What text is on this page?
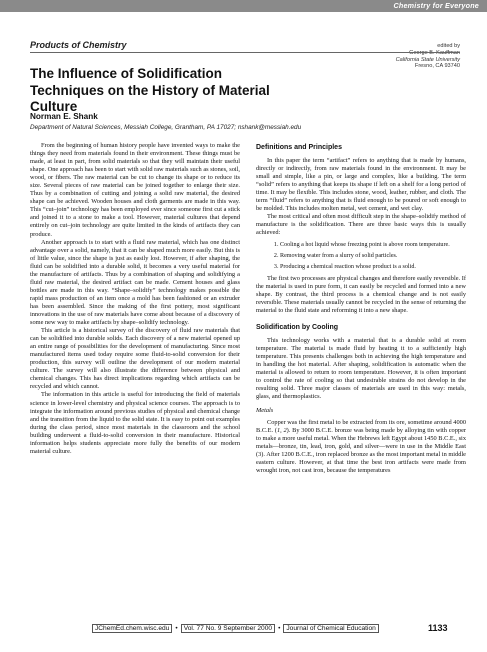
Chemistry for Everyone
Products of Chemistry	edited by
George B. Kauffman
California State University
Fresno, CA 93740
The Influence of Solidification Techniques on the History of Material Culture
Norman E. Shank
Department of Natural Sciences, Messiah College, Grantham, PA 17027; nshank@messiah.edu

From the beginning of human history people have invented ways to make the things they need from materials found in their environment. These things must be made, at least in part, from solid materials so that they will maintain their useful shape. One approach has been to start with solid raw materials such as stones, soil, wood, or fibers. The raw material can be cut to change its shape or to reduce its size. Several pieces of raw material can be joined together to enlarge their size. Thus by a combination of cutting and joining a solid raw material, the desired shape can be achieved. Wooden houses and cloth garments are made in this way. This “cut–join” technology has been employed ever since someone first cut a stick and joined it to a stone to make a tool. However, material cultures that depend entirely on cut–join technology are quite limited in the kinds of artifacts they can produce.

Another approach is to start with a fluid raw material, which has one distinct advantage over a solid, namely, that it can be shaped much more easily. But this is of little value, since the shape is just as easily lost. However, if after shaping, the fluid can be solidified into a durable solid, it becomes a very useful material for the manufacture of artifacts. Thus by a combination of shaping and solidifying a fluid raw material, the desired artifact can be made. Cement houses and glass bottles are made in this way. “Shape–solidify” technology makes possible the rapid mass production of an item once a mold has been fashioned or an extruder has been assembled. Since the making of the first pottery, most significant innovations in the use of raw materials have come about because of a discovery of some new way to make artifacts by shape–solidify technology.

This article is a historical survey of the discovery of fluid raw materials that can be solidified into durable solids. Each discovery of a new material opened up an entire range of possibilities for the development of manufacturing. Since most manufactured items used today require some fluid-to-solid conversion for their production, this survey will outline the development of our modern material culture. The survey will also illustrate the difference between physical and chemical changes. This has direct implications regarding which artifacts can be recycled and which cannot.

The information in this article is useful for introducing the field of materials science in lower-level chemistry and physical science courses. The approach is to integrate the information around previous studies of physical and chemical change and the transition from the liquid to the solid state. It is easy to point out examples during the class period, since most materials in the classroom and the school building underwent a fluid-to-solid conversion in their manufacture. Historical information helps students appreciate more fully the benefits of our modern material culture.

Definitions and Principles

In this paper the term “artifact” refers to anything that is made by humans, directly or indirectly, from raw materials found in the environment. It may be small and simple, like a pin, or large and complex, like a building. The term “solid” refers to anything that keeps its shape if left on a shelf for a long period of time. It may be flexible. This includes stone, wood, leather, rubber, and cloth. The term “fluid” refers to anything that is fluid enough to be poured or soft enough to be molded. This includes molten metal, wet cement, and wet clay.

The most critical and often most difficult step in the shape–solidify method of manufacture is the solidification. There are three basic ways this is usually achieved:

1. Cooling a hot liquid whose freezing point is above room temperature.
2. Removing water from a slurry of solid particles.
3. Producing a chemical reaction whose product is a solid.

The first two processes are physical changes and therefore easily reversible. If the material is used in pure form, it can easily be recycled and formed into a new shape. By contrast, the third process is a chemical change and is not easily reversible. These materials usually cannot be recycled in the sense of returning the material to the fluid state and reforming it into a new shape.

Solidification by Cooling

This technology works with a material that is a durable solid at room temperature. The material is made fluid by heating it to a sufficiently high temperature. This presents challenges both in achieving the high temperature and in handling the hot material. After shaping, solidification is automatic when the material is allowed to return to room temperature. However, it is often important to control the rate of cooling so that undesirable strains do not develop in the resulting solid. Three major classes of materials are used in this way: metals, glass, and thermoplastics.

Metals

Copper was the first metal to be extracted from its ore, sometime around 4000 B.C.E. (1, 2). By 3000 B.C.E. bronze was being made by alloying tin with copper to make a more useful metal. When the Hebrews left Egypt about 1450 B.C.E., six metals—bronze, tin, lead, iron, gold, and silver—were in use in the Middle East (3). After 1200 B.C.E., iron replaced bronze as the most important metal in middle eastern culture. However, at that time the best iron artifacts were made from wrought iron, not cast iron, because the temperatures

JChemEd.chem.wisc.edu • Vol. 77 No. 9 September 2000 • Journal of Chemical Education	1133
